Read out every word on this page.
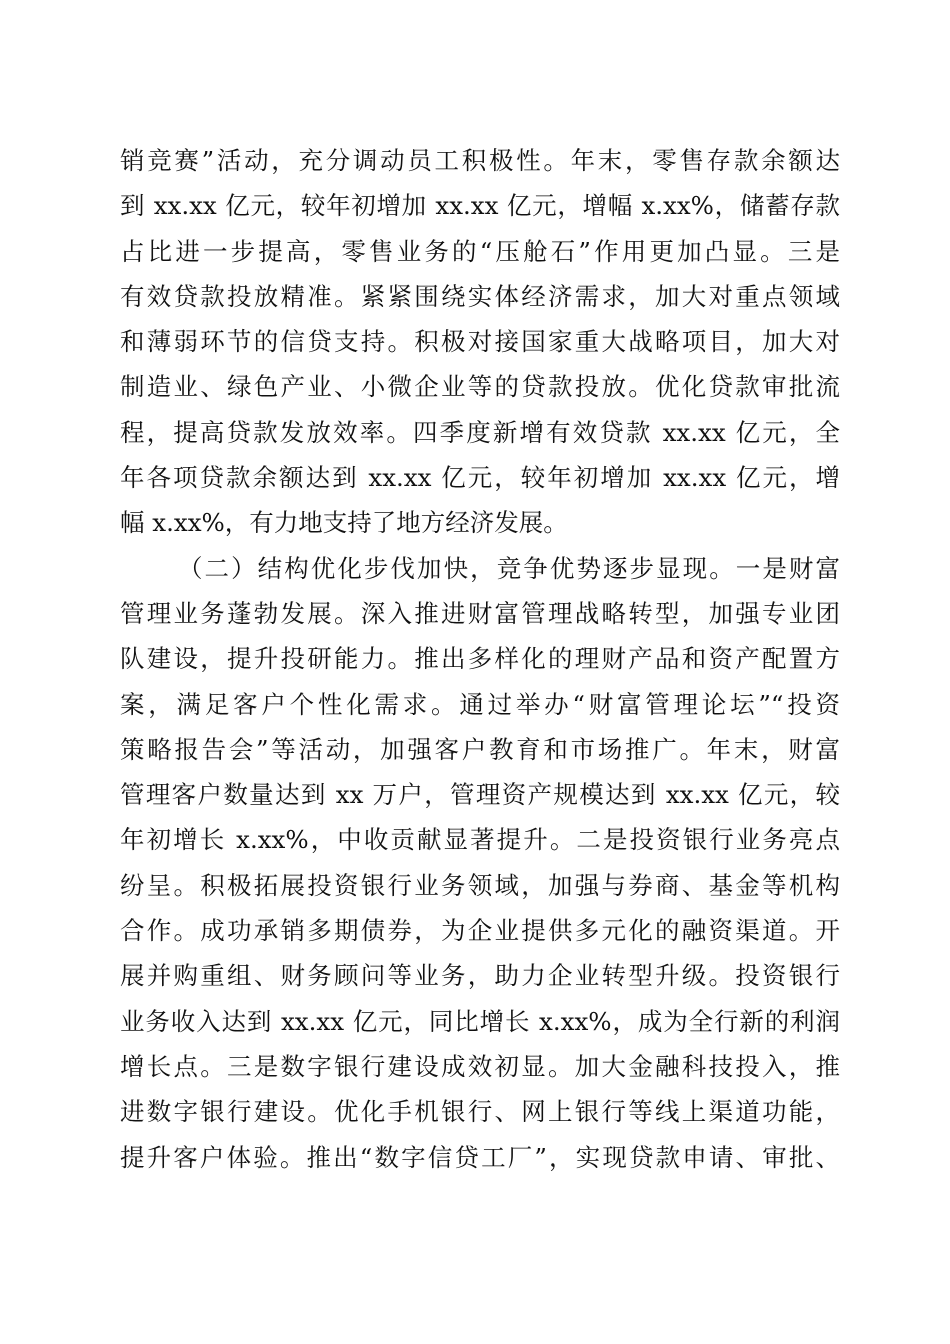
销竞赛”活动，充分调动员工积极性。年末，零售存款余额达
到 xx.xx 亿元，较年初增加 xx.xx 亿元，增幅 x.xx%，储蓄存款
占比进一步提高，零售业务的“压舱石”作用更加凸显。三是
有效贷款投放精准。紧紧围绕实体经济需求，加大对重点领域
和薄弱环节的信贷支持。积极对接国家重大战略项目，加大对
制造业、绿色产业、小微企业等的贷款投放。优化贷款审批流
程，提高贷款发放效率。四季度新增有效贷款 xx.xx 亿元，全
年各项贷款余额达到 xx.xx 亿元，较年初增加 xx.xx 亿元，增
幅 x.xx%，有力地支持了地方经济发展。
（二）结构优化步伐加快，竞争优势逐步显现。一是财富
管理业务蓬勃发展。深入推进财富管理战略转型，加强专业团
队建设，提升投研能力。推出多样化的理财产品和资产配置方
案，满足客户个性化需求。通过举办“财富管理论坛”“投资
策略报告会”等活动，加强客户教育和市场推广。年末，财富
管理客户数量达到 xx 万户，管理资产规模达到 xx.xx 亿元，较
年初增长 x.xx%，中收贡献显著提升。二是投资银行业务亮点
纷呈。积极拓展投资银行业务领域，加强与券商、基金等机构
合作。成功承销多期债券，为企业提供多元化的融资渠道。开
展并购重组、财务顾问等业务，助力企业转型升级。投资银行
业务收入达到 xx.xx 亿元，同比增长 x.xx%，成为全行新的利润
增长点。三是数字银行建设成效初显。加大金融科技投入，推
进数字银行建设。优化手机银行、网上银行等线上渠道功能，
提升客户体验。推出“数字信贷工厂”，实现贷款申请、审批、
